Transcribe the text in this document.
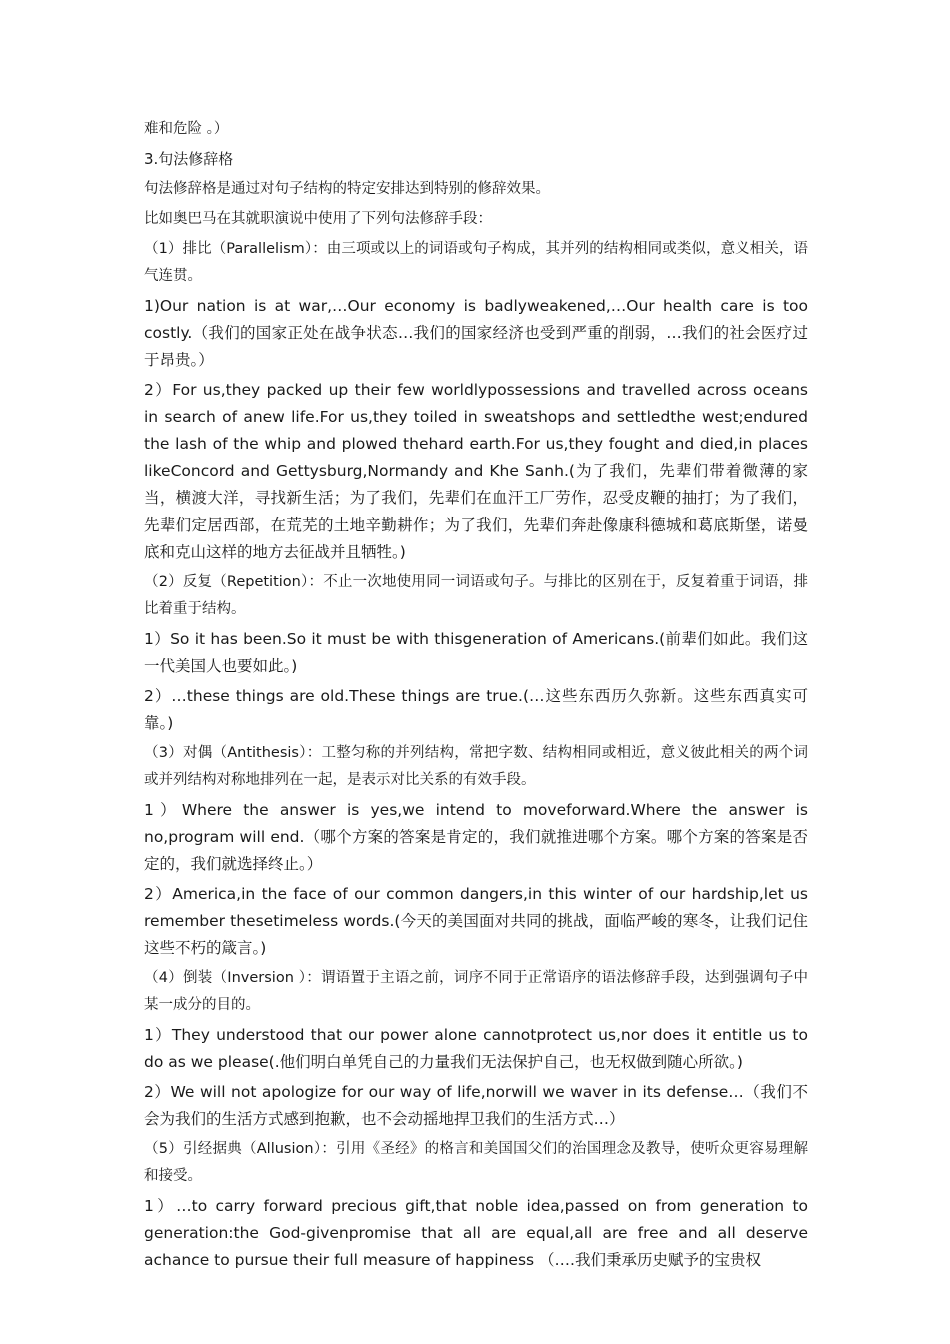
难和危险 。）

3.句法修辞格

句法修辞格是通过对句子结构的特定安排达到特别的修辞效果。

比如奥巴马在其就职演说中使用了下列句法修辞手段：

（1）排比（Parallelism）：由三项或以上的词语或句子构成，其并列的结构相同或类似，意义相关，语气连贯。

1)Our nation is at war,…Our economy is badlyweakened,…Our health care is too costly.（我们的国家正处在战争状态…我们的国家经济也受到严重的削弱，…我们的社会医疗过于昂贵。）

2）For us,they packed up their few worldlypossessions and travelled across oceans in search of anew life.For us,they toiled in sweatshops and settledthe west;endured the lash of the whip and plowed thehard earth.For us,they fought and died,in places likeConcord and Gettysburg,Normandy and Khe Sanh.(为了我们，先辈们带着微薄的家当，横渡大洋，寻找新生活；为了我们，先辈们在血汗工厂劳作，忍受皮鞭的抽打；为了我们，先辈们定居西部，在荒芜的土地辛勤耕作；为了我们，先辈们奔赴像康科德城和葛底斯堡，诺曼底和克山这样的地方去征战并且牺牲。)

（2）反复（Repetition）：不止一次地使用同一词语或句子。与排比的区别在于，反复着重于词语，排比着重于结构。

1）So it has been.So it must be with thisgeneration of Americans.(前辈们如此。我们这一代美国人也要如此。)

2）…these things are old.These things are true.(…这些东西历久弥新。这些东西真实可靠。)

（3）对偶（Antithesis）：工整匀称的并列结构，常把字数、结构相同或相近，意义彼此相关的两个词或并列结构对称地排列在一起，是表示对比关系的有效手段。

1）Where the answer is yes,we intend to moveforward.Where the answer is no,program will end.（哪个方案的答案是肯定的，我们就推进哪个方案。哪个方案的答案是否定的，我们就选择终止。）

2）America,in the face of our common dangers,in this winter of our hardship,let us remember thesetimeless words.(今天的美国面对共同的挑战，面临严峻的寒冬，让我们记住这些不朽的箴言。)

（4）倒装（Inversion ）：谓语置于主语之前，词序不同于正常语序的语法修辞手段，达到强调句子中某一成分的目的。

1）They understood that our power alone cannotprotect us,nor does it entitle us to do as we please(.他们明白单凭自己的力量我们无法保护自己，也无权做到随心所欲。)

2）We will not apologize for our way of life,norwill we waver in its defense…（我们不会为我们的生活方式感到抱歉，也不会动摇地捍卫我们的生活方式…）

（5）引经据典（Allusion）：引用《圣经》的格言和美国国父们的治国理念及教导，使听众更容易理解和接受。

1）…to carry forward precious gift,that noble idea,passed on from generation to generation:the God-givenpromise that all are equal,all are free and all deserve achance to pursue their full measure of happiness （….我们秉承历史赋予的宝贵权
